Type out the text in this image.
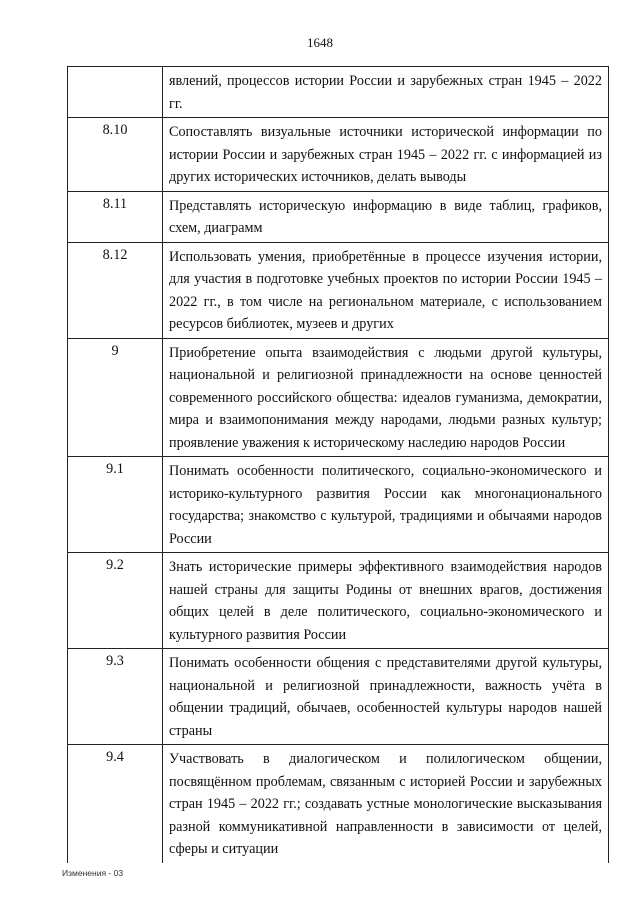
1648
	явлений, процессов истории России и зарубежных стран 1945 – 2022 гг.
8.10	Сопоставлять визуальные источники исторической информации по истории России и зарубежных стран 1945 – 2022 гг. с информацией из других исторических источников, делать выводы
8.11	Представлять историческую информацию в виде таблиц, графиков, схем, диаграмм
8.12	Использовать умения, приобретённые в процессе изучения истории, для участия в подготовке учебных проектов по истории России 1945 – 2022 гг., в том числе на региональном материале, с использованием ресурсов библиотек, музеев и других
9	Приобретение опыта взаимодействия с людьми другой культуры, национальной и религиозной принадлежности на основе ценностей современного российского общества: идеалов гуманизма, демократии, мира и взаимопонимания между народами, людьми разных культур; проявление уважения к историческому наследию народов России
9.1	Понимать особенности политического, социально-экономического и историко-культурного развития России как многонационального государства; знакомство с культурой, традициями и обычаями народов России
9.2	Знать исторические примеры эффективного взаимодействия народов нашей страны для защиты Родины от внешних врагов, достижения общих целей в деле политического, социально-экономического и культурного развития России
9.3	Понимать особенности общения с представителями другой культуры, национальной и религиозной принадлежности, важность учёта в общении традиций, обычаев, особенностей культуры народов нашей страны
9.4	Участвовать в диалогическом и полилогическом общении, посвящённом проблемам, связанным с историей России и зарубежных стран 1945 – 2022 гг.; создавать устные монологические высказывания разной коммуникативной направленности в зависимости от целей, сферы и ситуации
Изменения - 03
